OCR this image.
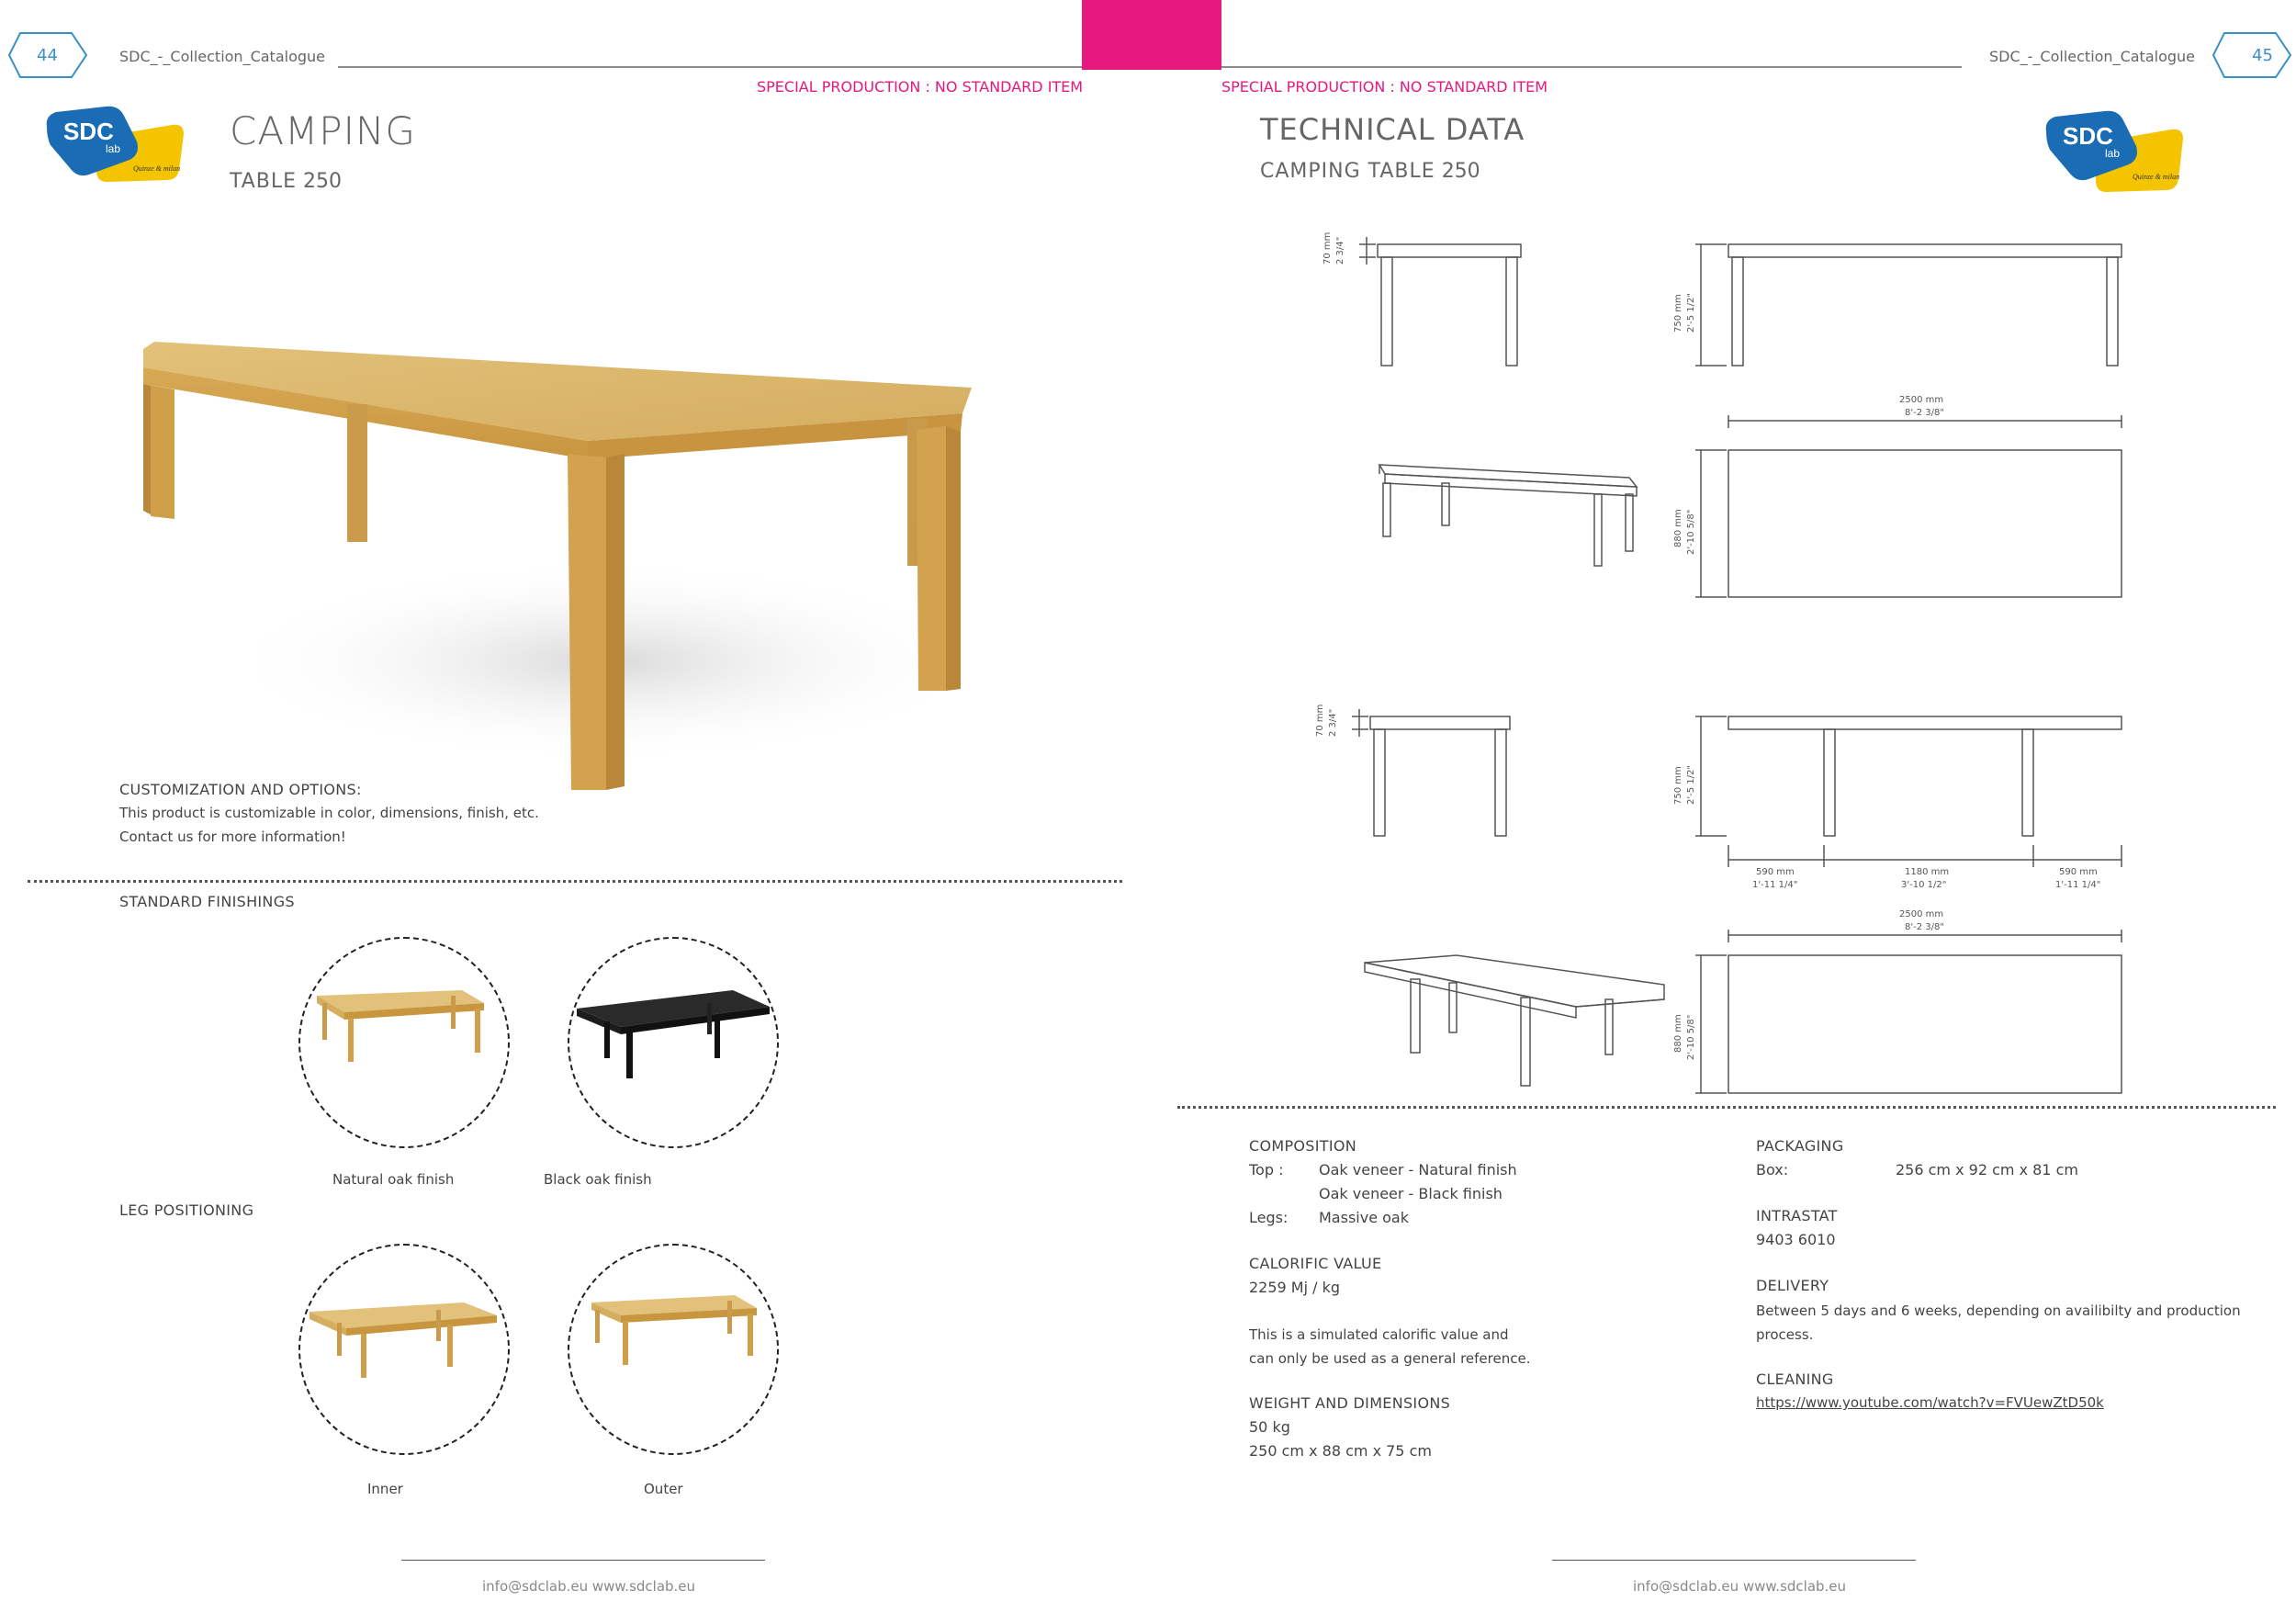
44	SDC_-_Collection_Catalogue	SDC_-_Collection_Catalogue	45
SPECIAL PRODUCTION : NO STANDARD ITEM	SPECIAL PRODUCTION : NO STANDARD ITEM
SDC
lab
Quinze & milan
SDC
lab
Quinze & milan
CAMPING
TABLE 250
CUSTOMIZATION AND OPTIONS:
This product is customizable in color, dimensions, finish, etc.
Contact us for more information!
STANDARD FINISHINGS
Natural oak finish	Black oak finish
LEG POSITIONING
Inner	Outer
info@sdclab.eu www.sdclab.eu
TECHNICAL DATA
CAMPING TABLE 250
70 mm 2 3/4"
750 mm 2'-5 1/2"
2500 mm
8'-2 3/8"
880 mm 2'-10 5/8"
70 mm 2 3/4"
750 mm 2'-5 1/2"
590 mm
1'-11 1/4"
1180 mm
3'-10 1/2"
590 mm
1'-11 1/4"
2500 mm
8'-2 3/8"
880 mm 2'-10 5/8"
COMPOSITION
Top : Oak veneer - Natural finish
Oak veneer - Black finish
Legs: Massive oak
CALORIFIC VALUE
2259 Mj / kg
This is a simulated calorific value and
can only be used as a general reference.
WEIGHT AND DIMENSIONS
50 kg
250 cm x 88 cm x 75 cm
PACKAGING
Box:	256 cm x 92 cm x 81 cm
INTRASTAT
9403 6010
DELIVERY
Between 5 days and 6 weeks, depending on availibilty and production
process.
CLEANING
https://www.youtube.com/watch?v=FVUewZtD50k
info@sdclab.eu www.sdclab.eu
